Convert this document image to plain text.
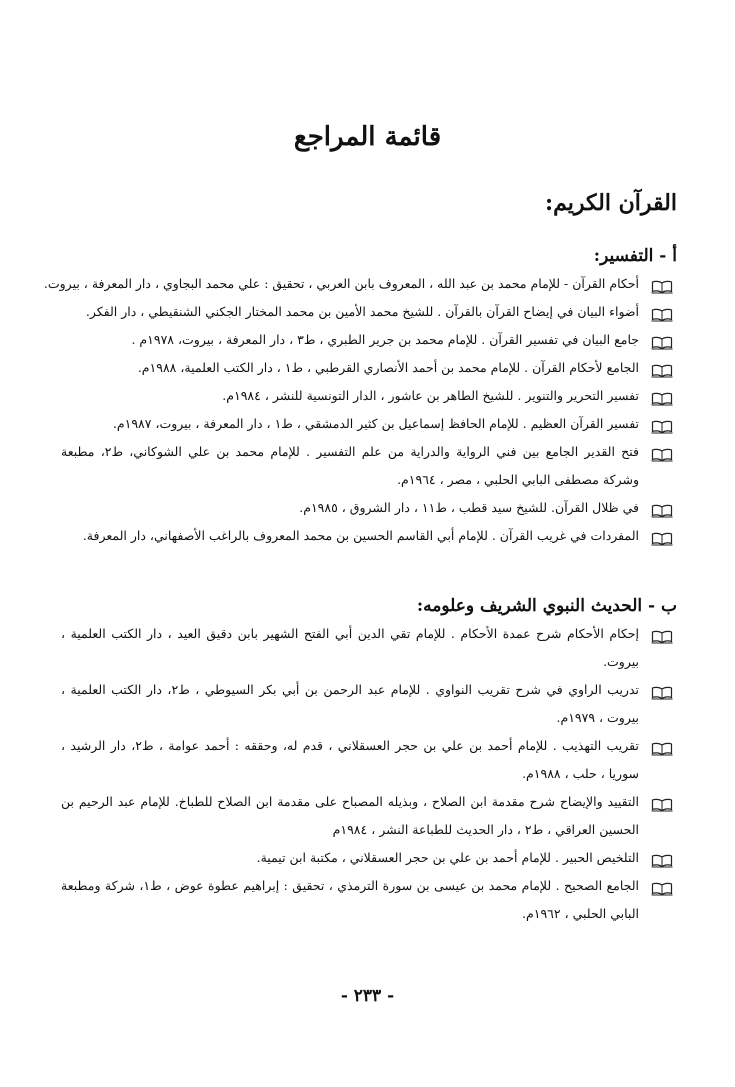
قائمة المراجع
القرآن الكريم:
أ - التفسير:
أحكام القرآن - للإمام محمد بن عبد الله ، المعروف بابن العربي ، تحقيق : علي محمد البجاوي ، دار المعرفة ، بيروت.
أضواء البيان في إيضاح القرآن بالقرآن . للشيخ محمد الأمين بن محمد المختار الجكني الشنقيطي ، دار الفكر.
جامع البيان في تفسير القرآن . للإمام محمد بن جرير الطبري ، ط٣ ، دار المعرفة ، بيروت، ١٩٧٨م .
الجامع لأحكام القرآن . للإمام محمد بن أحمد الأنصاري القرطبي ، ط١ ، دار الكتب العلمية، ١٩٨٨م.
تفسير التحرير والتنوير . للشيخ الطاهر بن عاشور ، الدار التونسية للنشر ، ١٩٨٤م.
تفسير القرآن العظيم . للإمام الحافظ إسماعيل بن كثير الدمشقي ، ط١ ، دار المعرفة ، بيروت، ١٩٨٧م.
فتح القدير الجامع بين فني الرواية والدراية من علم التفسير . للإمام محمد بن علي الشوكاني، ط٢، مطبعة وشركة مصطفى البابي الحلبي ، مصر ، ١٩٦٤م.
في ظلال القرآن. للشيخ سيد قطب ، ط١١ ، دار الشروق ، ١٩٨٥م.
المفردات في غريب القرآن . للإمام أبي القاسم الحسين بن محمد المعروف بالراغب الأصفهاني، دار المعرفة.
ب - الحديث النبوي الشريف وعلومه:
إحكام الأحكام شرح عمدة الأحكام . للإمام تقي الدين أبي الفتح الشهير بابن دقيق العيد ، دار الكتب العلمية ، بيروت.
تدريب الراوي في شرح تقريب النواوي . للإمام عبد الرحمن بن أبي بكر السيوطي ، ط٢، دار الكتب العلمية ، بيروت ، ١٩٧٩م.
تقريب التهذيب . للإمام أحمد بن علي بن حجر العسقلاني ، قدم له، وحققه : أحمد عوامة ، ط٢، دار الرشيد ، سوريا ، حلب ، ١٩٨٨م.
التقييد والإيضاح شرح مقدمة ابن الصلاح ، وبذيله المصباح على مقدمة ابن الصلاح للطباخ. للإمام عبد الرحيم بن الحسين العراقي ، ط٢ ، دار الحديث للطباعة النشر ، ١٩٨٤م
التلخيص الحبير . للإمام أحمد بن علي بن حجر العسقلاني ، مكتبة ابن تيمية.
الجامع الصحيح . للإمام محمد بن عيسى بن سورة الترمذي ، تحقيق : إبراهيم عطوة عوض ، ط١، شركة ومطبعة البابي الحلبي ، ١٩٦٢م.
- ٢٣٣ -
